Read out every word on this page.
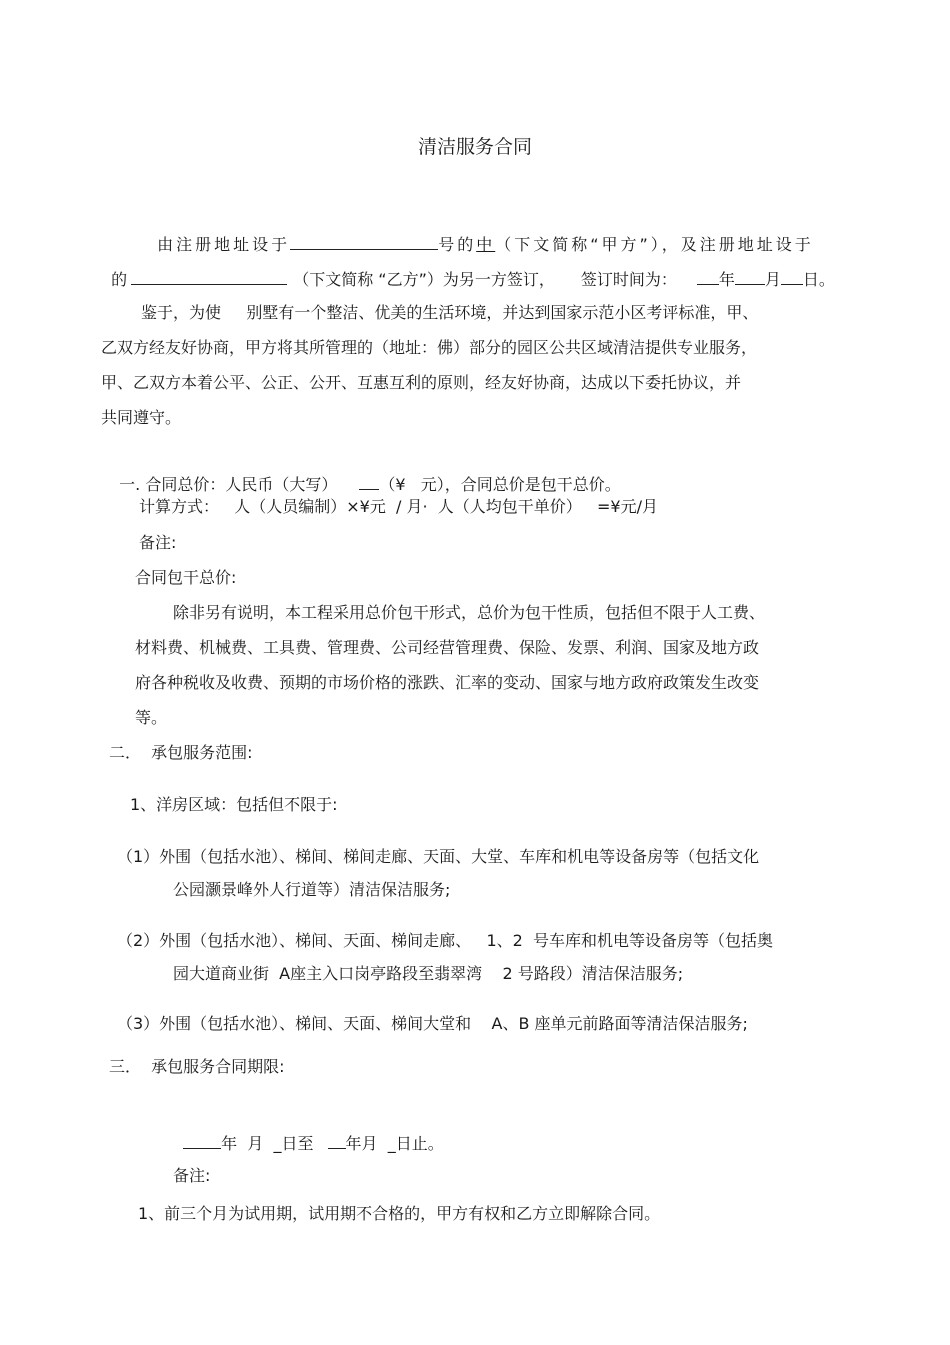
清洁服务合同

由注册地址设于	号的中（下文简称“甲方”），及注册地址设于

的	（下文简称 “乙方”）为另一方签订， 签订时间为：	年 月 日。

鉴于，为使     别墅有一个整洁、优美的生活环境，并达到国家示范小区考评标准，甲、
乙双方经友好协商，甲方将其所管理的（地址：佛）部分的园区公共区域清洁提供专业服务，
甲、乙双方本着公平、公正、公开、互惠互利的原则，经友好协商，达成以下委托协议，并
共同遵守。

一. 合同总价：人民币（大写）	（¥   元），合同总价是包干总价。

计算方式：   人（人员编制）×¥元  / 月·  人（人均包干单价）   =¥元/月
备注:
合同包干总价:
除非另有说明，本工程采用总价包干形式，总价为包干性质，包括但不限于人工费、
材料费、机械费、工具费、管理费、公司经营管理费、保险、发票、利润、国家及地方政
府各种税收及收费、预期的市场价格的涨跌、汇率的变动、国家与地方政府政策发生改变
等。
二．  承包服务范围:
1、洋房区域：包括但不限于:
（1）外围（包括水池）、梯间、梯间走廊、天面、大堂、车库和机电等设备房等（包括文化
公园灏景峰外人行道等）清洁保洁服务;
（2）外围（包括水池）、梯间、天面、梯间走廊、   1、2  号车库和机电等设备房等（包括奥
园大道商业街  A座主入口岗亭路段至翡翠湾    2 号路段）清洁保洁服务;
（3）外围（包括水池）、梯间、天面、梯间大堂和    A、B 座单元前路面等清洁保洁服务;
三．  承包服务合同期限:

年  月  _日至 年月  _日止。

备注:
1、前三个月为试用期，试用期不合格的，甲方有权和乙方立即解除合同。
